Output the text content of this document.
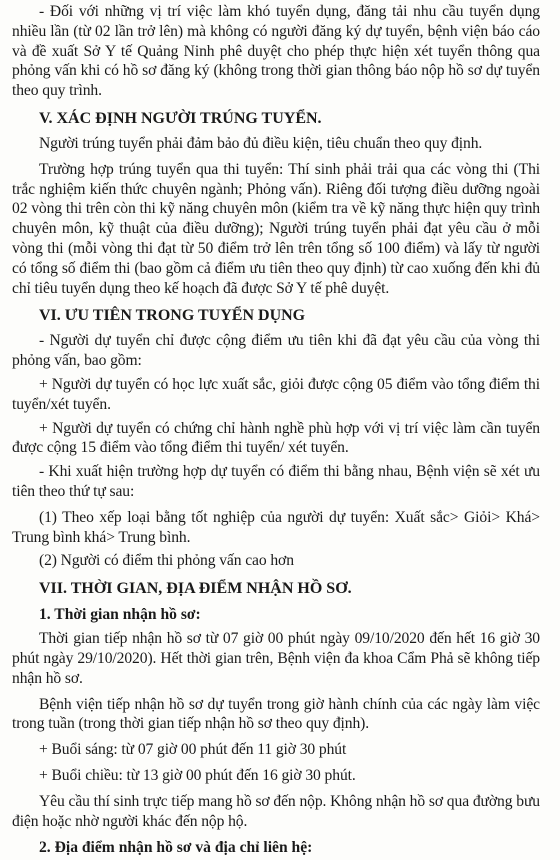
- Đối với những vị trí việc làm khó tuyển dụng, đăng tải nhu cầu tuyển dụng nhiều lần (từ 02 lần trở lên) mà không có người đăng ký dự tuyển, bệnh viện báo cáo và đề xuất Sở Y tế Quảng Ninh phê duyệt cho phép thực hiện xét tuyển thông qua phỏng vấn khi có hồ sơ đăng ký (không trong thời gian thông báo nộp hồ sơ dự tuyển theo quy trình.

V. XÁC ĐỊNH NGƯỜI TRÚNG TUYỂN.

Người trúng tuyển phải đảm bảo đủ điều kiện, tiêu chuẩn theo quy định.

Trường hợp trúng tuyển qua thi tuyển: Thí sinh phải trải qua các vòng thi (Thi trắc nghiệm kiến thức chuyên ngành; Phỏng vấn). Riêng đối tượng điều dưỡng ngoài 02 vòng thi trên còn thi kỹ năng chuyên môn (kiểm tra về kỹ năng thực hiện quy trình chuyên môn, kỹ thuật của điều dưỡng); Người trúng tuyển phải đạt yêu cầu ở mỗi vòng thi (mỗi vòng thi đạt từ 50 điểm trở lên trên tổng số 100 điểm) và lấy từ người có tổng số điểm thi (bao gồm cả điểm ưu tiên theo quy định) từ cao xuống đến khi đủ chỉ tiêu tuyển dụng theo kế hoạch đã được Sở Y tế phê duyệt.

VI. ƯU TIÊN TRONG TUYỂN DỤNG

- Người dự tuyển chỉ được cộng điểm ưu tiên khi đã đạt yêu cầu của vòng thi phỏng vấn, bao gồm:

+ Người dự tuyển có học lực xuất sắc, giỏi được cộng 05 điểm vào tổng điểm thi tuyển/xét tuyển.

+ Người dự tuyển có chứng chỉ hành nghề phù hợp với vị trí việc làm cần tuyển được cộng 15 điểm vào tổng điểm thi tuyển/ xét tuyển.

- Khi xuất hiện trường hợp dự tuyển có điểm thi bằng nhau, Bệnh viện sẽ xét ưu tiên theo thứ tự sau:

(1) Theo xếp loại bằng tốt nghiệp của người dự tuyển: Xuất sắc> Giỏi> Khá> Trung bình khá> Trung bình.

(2) Người có điểm thi phỏng vấn cao hơn

VII. THỜI GIAN, ĐỊA ĐIỂM NHẬN HỒ SƠ.
1. Thời gian nhận hồ sơ:

Thời gian tiếp nhận hồ sơ từ 07 giờ 00 phút ngày 09/10/2020 đến hết 16 giờ 30 phút ngày 29/10/2020). Hết thời gian trên, Bệnh viện đa khoa Cẩm Phả sẽ không tiếp nhận hồ sơ.

Bệnh viện tiếp nhận hồ sơ dự tuyển trong giờ hành chính của các ngày làm việc trong tuần (trong thời gian tiếp nhận hồ sơ theo quy định).

+ Buổi sáng: từ 07 giờ 00 phút đến 11 giờ 30 phút

+ Buổi chiều: từ 13 giờ 00 phút đến 16 giờ 30 phút.

Yêu cầu thí sinh trực tiếp mang hồ sơ đến nộp. Không nhận hồ sơ qua đường bưu điện hoặc nhờ người khác đến nộp hộ.

2. Địa điểm nhận hồ sơ và địa chỉ liên hệ:
